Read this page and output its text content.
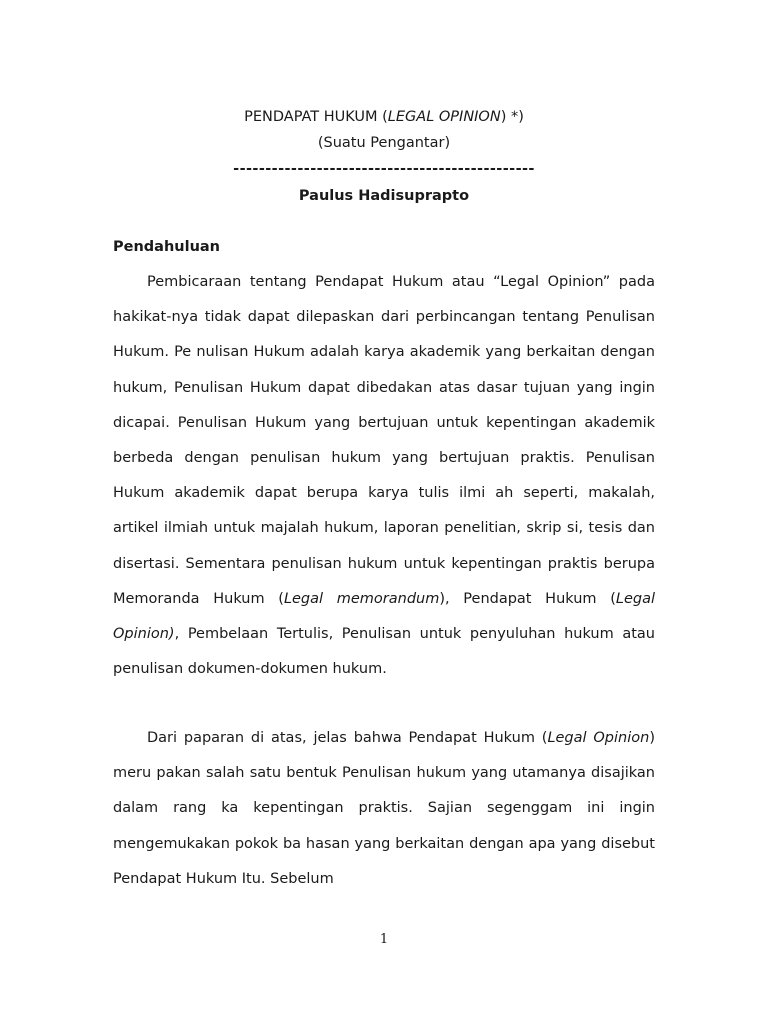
PENDAPAT HUKUM (LEGAL OPINION) *)
(Suatu Pengantar)
-----------------------------------------------
Paulus Hadisuprapto
Pendahuluan

Pembicaraan tentang Pendapat Hukum atau “Legal Opinion” pada hakikat-nya tidak dapat dilepaskan dari perbincangan tentang Penulisan Hukum. Pe nulisan Hukum adalah karya akademik yang berkaitan dengan hukum, Penulisan Hukum dapat dibedakan atas dasar tujuan yang ingin dicapai. Penulisan Hukum yang bertujuan untuk kepentingan akademik berbeda dengan penulisan hukum yang bertujuan praktis. Penulisan Hukum akademik dapat berupa karya tulis ilmi ah seperti, makalah, artikel ilmiah untuk majalah hukum, laporan penelitian, skrip si, tesis dan disertasi. Sementara penulisan hukum untuk kepentingan praktis berupa Memoranda Hukum (Legal memorandum), Pendapat Hukum (Legal Opinion), Pembelaan Tertulis, Penulisan untuk penyuluhan hukum atau penulisan dokumen-dokumen hukum.

Dari paparan di atas, jelas bahwa Pendapat Hukum (Legal Opinion) meru pakan salah satu bentuk Penulisan hukum yang utamanya disajikan dalam rang ka kepentingan praktis. Sajian segenggam ini ingin mengemukakan pokok ba hasan yang berkaitan dengan apa yang disebut Pendapat Hukum Itu. Sebelum

1
